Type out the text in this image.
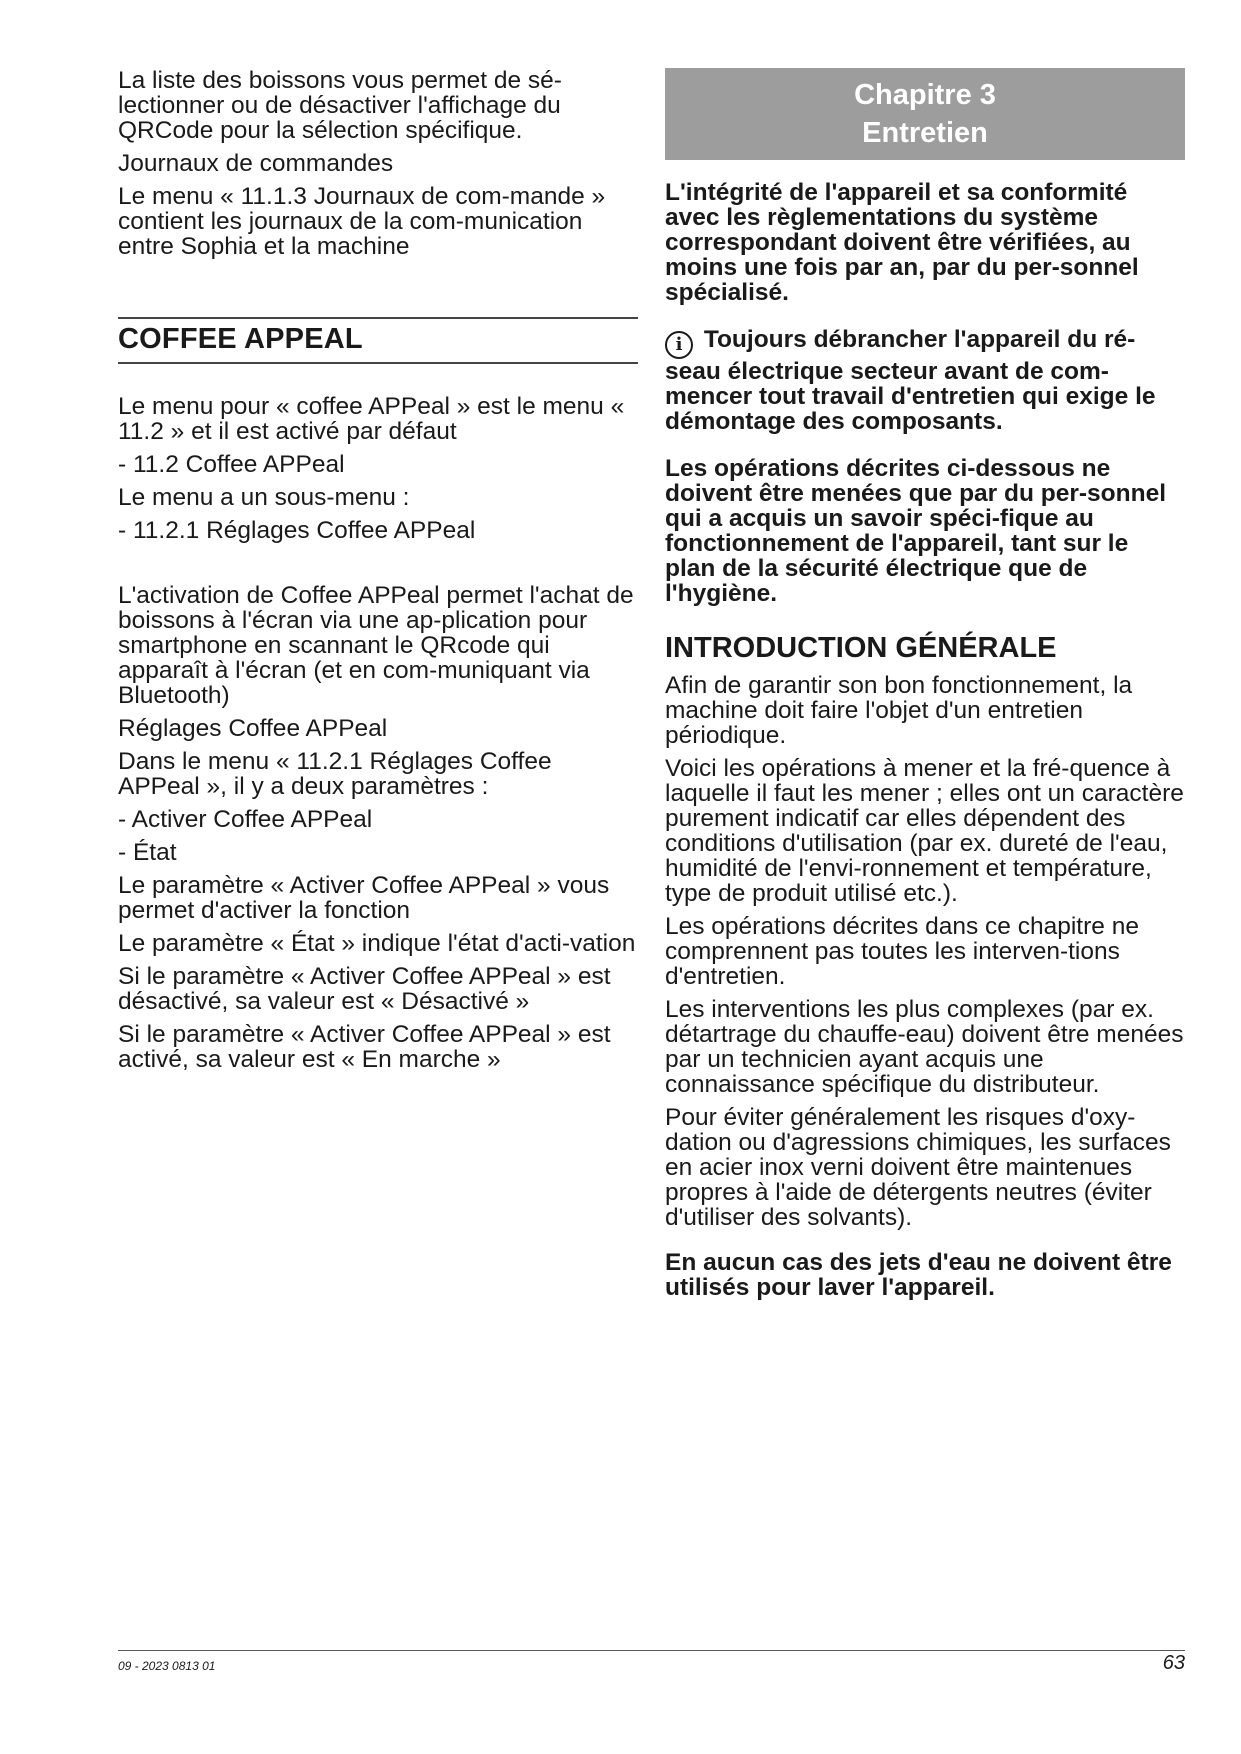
La liste des boissons vous permet de sé-lectionner ou de désactiver l'affichage du QRCode pour la sélection spécifique.

Journaux de commandes

Le menu « 11.1.3 Journaux de com-mande » contient les journaux de la com-munication entre Sophia et la machine

COFFEE APPEAL

Le menu pour « coffee APPeal » est le menu « 11.2 » et il est activé par défaut

- 11.2 Coffee APPeal

Le menu a un sous-menu :

- 11.2.1 Réglages Coffee APPeal

L'activation de Coffee APPeal permet l'achat de boissons à l'écran via une ap-plication pour smartphone en scannant le QRcode qui apparaît à l'écran (et en com-muniquant via Bluetooth)

Réglages Coffee APPeal

Dans le menu « 11.2.1 Réglages Coffee APPeal », il y a deux paramètres :

- Activer Coffee APPeal

- État

Le paramètre « Activer Coffee APPeal » vous permet d'activer la fonction

Le paramètre « État » indique l'état d'acti-vation

Si le paramètre « Activer Coffee APPeal » est désactivé, sa valeur est « Désactivé »

Si le paramètre « Activer Coffee APPeal » est activé, sa valeur est « En marche »

Chapitre 3
Entretien

L'intégrité de l'appareil et sa conformité avec les règlementations du système correspondant doivent être vérifiées, au moins une fois par an, par du per-sonnel spécialisé.

i Toujours débrancher l'appareil du ré-seau électrique secteur avant de com-mencer tout travail d'entretien qui exige le démontage des composants.

Les opérations décrites ci-dessous ne doivent être menées que par du per-sonnel qui a acquis un savoir spéci-fique au fonctionnement de l'appareil, tant sur le plan de la sécurité électrique que de l'hygiène.

INTRODUCTION GÉNÉRALE

Afin de garantir son bon fonctionnement, la machine doit faire l'objet d'un entretien périodique.

Voici les opérations à mener et la fré-quence à laquelle il faut les mener ; elles ont un caractère purement indicatif car elles dépendent des conditions d'utilisation (par ex. dureté de l'eau, humidité de l'envi-ronnement et température, type de produit utilisé etc.).

Les opérations décrites dans ce chapitre ne comprennent pas toutes les interven-tions d'entretien.

Les interventions les plus complexes (par ex. détartrage du chauffe-eau) doivent être menées par un technicien ayant acquis une connaissance spécifique du distributeur.

Pour éviter généralement les risques d'oxy-dation ou d'agressions chimiques, les surfaces en acier inox verni doivent être maintenues propres à l'aide de détergents neutres (éviter d'utiliser des solvants).

En aucun cas des jets d'eau ne doivent être utilisés pour laver l'appareil.

09 - 2023 0813 01	63
